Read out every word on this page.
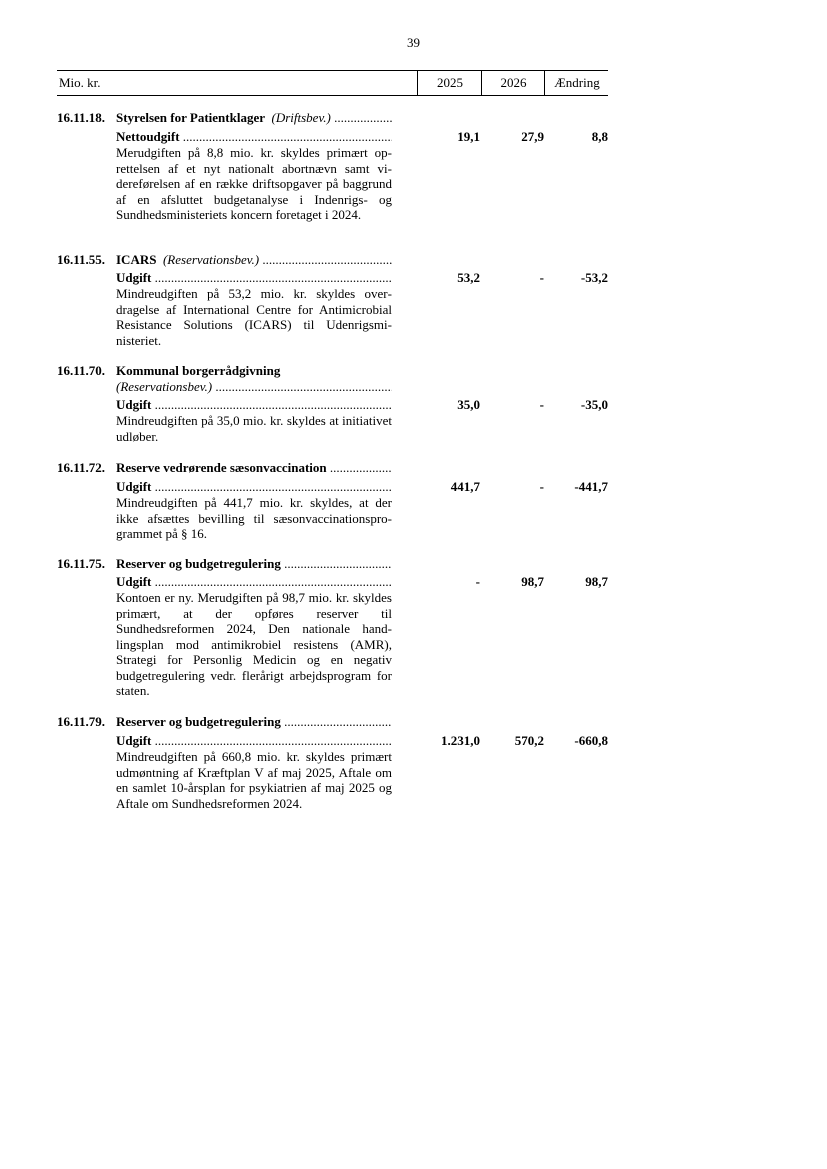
39
Mio. kr.	2025	2026	Ændring
16.11.18. Styrelsen for Patientklager (Driftsbev.) .....
Nettoudgift .....	19,1	27,9	8,8
Merudgiften på 8,8 mio. kr. skyldes primært oprettelsen af et nyt nationalt abortnævn samt videreførelsen af en række driftsopgaver på baggrund af en afsluttet budgetanalyse i Indenrigs- og Sundhedsministeriets koncern foretaget i 2024.
16.11.55. ICARS (Reservationsbev.) .....
Udgift .....	53,2	-	-53,2
Mindreudgiften på 53,2 mio. kr. skyldes overdragelse af International Centre for Antimicrobial Resistance Solutions (ICARS) til Udenrigsministeriet.
16.11.70. Kommunal borgerrådgivning
(Reservationsbev.) .....
Udgift .....	35,0	-	-35,0
Mindreudgiften på 35,0 mio. kr. skyldes at initiativet udløber.
16.11.72. Reserve vedrørende sæsonvaccination .....
Udgift .....	441,7	-	-441,7
Mindreudgiften på 441,7 mio. kr. skyldes, at der ikke afsættes bevilling til sæsonvaccinationsprogrammet på § 16.
16.11.75. Reserver og budgetregulering .....
Udgift .....	-	98,7	98,7
Kontoen er ny. Merudgiften på 98,7 mio. kr. skyldes primært, at der opføres reserver til Sundhedsreformen 2024, Den nationale handlingsplan mod antimikrobiel resistens (AMR), Strategi for Personlig Medicin og en negativ budgetregulering vedr. flerårigt arbejdsprogram for staten.
16.11.79. Reserver og budgetregulering .....
Udgift .....	1.231,0	570,2	-660,8
Mindreudgiften på 660,8 mio. kr. skyldes primært udmøntning af Kræftplan V af maj 2025, Aftale om en samlet 10-årsplan for psykiatrien af maj 2025 og Aftale om Sundhedsreformen 2024.
